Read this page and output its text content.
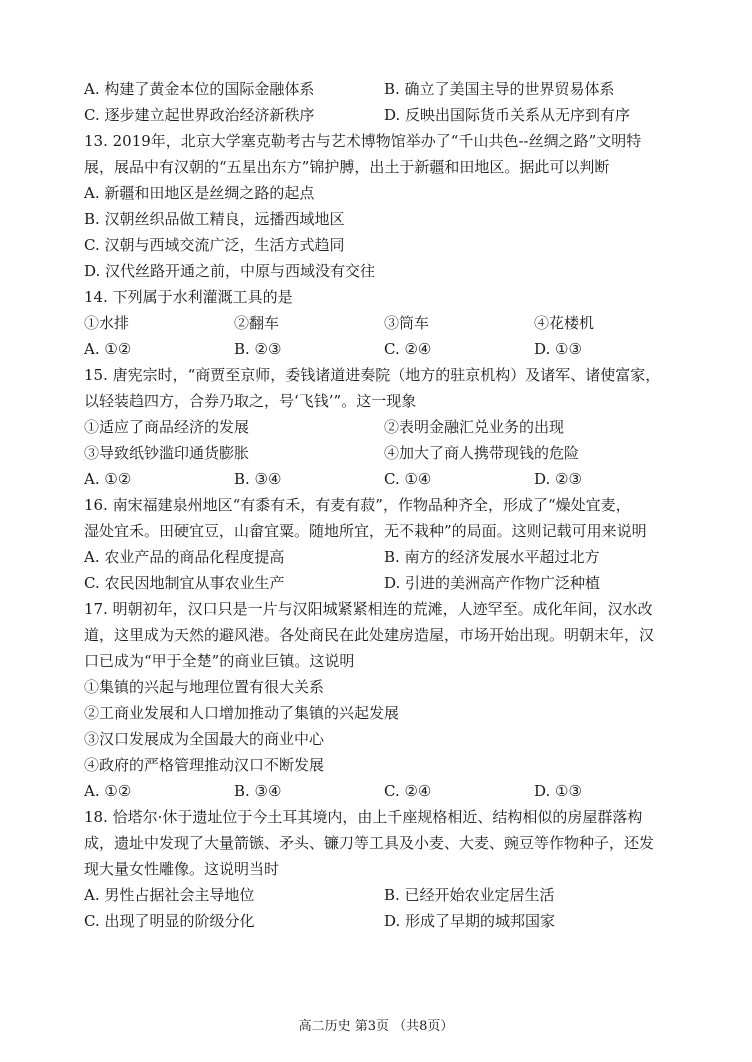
A. 构建了黄金本位的国际金融体系	B. 确立了美国主导的世界贸易体系
C. 逐步建立起世界政治经济新秩序	D. 反映出国际货币关系从无序到有序
13. 2019年，北京大学塞克勒考古与艺术博物馆举办了“千山共色--丝绸之路”文明特
展，展品中有汉朝的“五星出东方”锦护膊，出土于新疆和田地区。据此可以判断
A. 新疆和田地区是丝绸之路的起点
B. 汉朝丝织品做工精良，远播西域地区
C. 汉朝与西域交流广泛，生活方式趋同
D. 汉代丝路开通之前，中原与西域没有交往
14. 下列属于水利灌溉工具的是
①水排	②翻车	③筒车	④花楼机
A. ①②	B. ②③	C. ②④	D. ①③
15. 唐宪宗时，“商贾至京师，委钱诸道进奏院（地方的驻京机构）及诸军、诸使富家，
以轻装趋四方，合券乃取之，号‘飞钱’”。这一现象
①适应了商品经济的发展	②表明金融汇兑业务的出现
③导致纸钞滥印通货膨胀	④加大了商人携带现钱的危险
A. ①②	B. ③④	C. ①④	D. ②③
16. 南宋福建泉州地区“有黍有禾，有麦有菽”，作物品种齐全，形成了“燥处宜麦，
湿处宜禾。田硬宜豆，山畲宜粟。随地所宜，无不栽种”的局面。这则记载可用来说明
A. 农业产品的商品化程度提高	B. 南方的经济发展水平超过北方
C. 农民因地制宜从事农业生产	D. 引进的美洲高产作物广泛种植
17. 明朝初年，汉口只是一片与汉阳城紧紧相连的荒滩，人迹罕至。成化年间，汉水改
道，这里成为天然的避风港。各处商民在此处建房造屋，市场开始出现。明朝末年，汉
口已成为“甲于全楚”的商业巨镇。这说明
①集镇的兴起与地理位置有很大关系
②工商业发展和人口增加推动了集镇的兴起发展
③汉口发展成为全国最大的商业中心
④政府的严格管理推动汉口不断发展
A. ①②	B. ③④	C. ②④	D. ①③
18. 恰塔尔·休于遗址位于今土耳其境内，由上千座规格相近、结构相似的房屋群落构
成，遗址中发现了大量箭镞、矛头、镰刀等工具及小麦、大麦、豌豆等作物种子，还发
现大量女性雕像。这说明当时
A. 男性占据社会主导地位	B. 已经开始农业定居生活
C. 出现了明显的阶级分化	D. 形成了早期的城邦国家
高二历史 第3页 （共8页）
